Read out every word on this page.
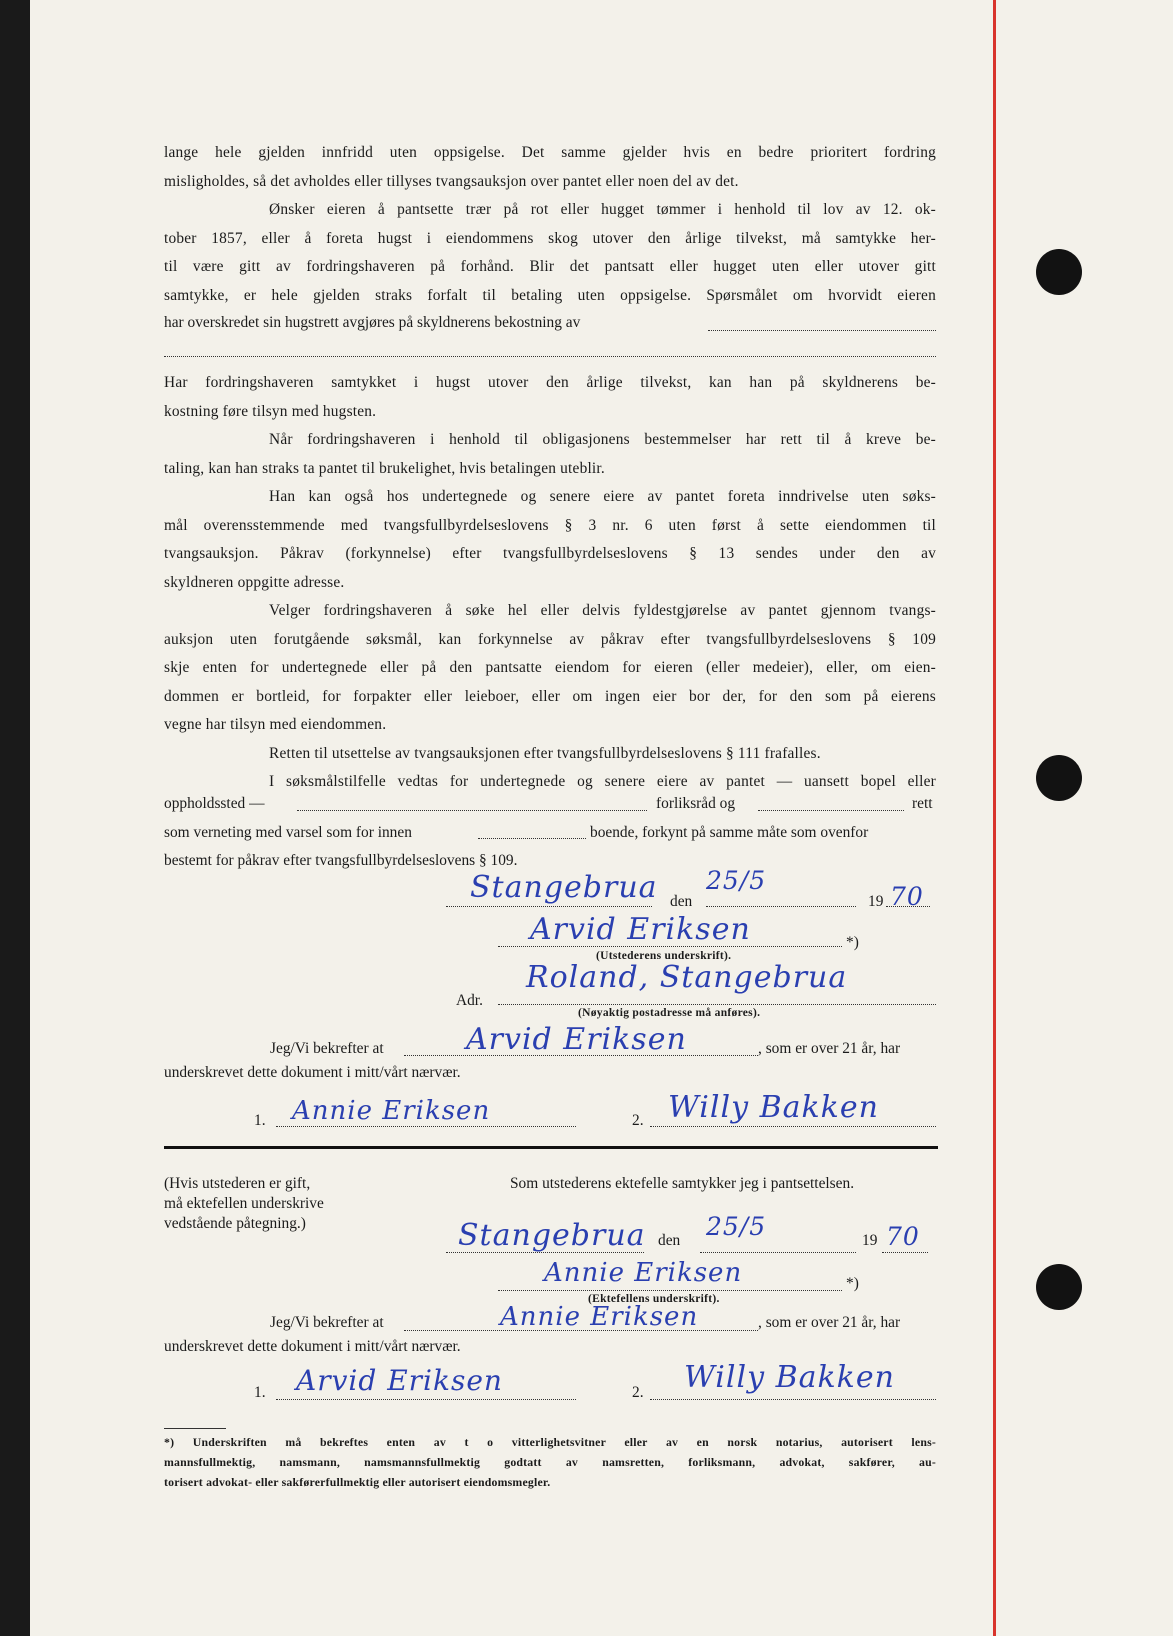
lange hele gjelden innfridd uten oppsigelse. Det samme gjelder hvis en bedre prioritert fordring

misligholdes, så det avholdes eller tillyses tvangsauksjon over pantet eller noen del av det.

Ønsker eieren å pantsette trær på rot eller hugget tømmer i henhold til lov av 12. ok-

tober 1857, eller å foreta hugst i eiendommens skog utover den årlige tilvekst, må samtykke her-

til være gitt av fordringshaveren på forhånd. Blir det pantsatt eller hugget uten eller utover gitt

samtykke, er hele gjelden straks forfalt til betaling uten oppsigelse. Spørsmålet om hvorvidt eieren

har overskredet sin hugstrett avgjøres på skyldnerens bekostning av

Har fordringshaveren samtykket i hugst utover den årlige tilvekst, kan han på skyldnerens be-

kostning føre tilsyn med hugsten.

Når fordringshaveren i henhold til obligasjonens bestemmelser har rett til å kreve be-

taling, kan han straks ta pantet til brukelighet, hvis betalingen uteblir.

Han kan også hos undertegnede og senere eiere av pantet foreta inndrivelse uten søks-

mål overensstemmende med tvangsfullbyrdelseslovens § 3 nr. 6 uten først å sette eiendommen til

tvangsauksjon. Påkrav (forkynnelse) efter tvangsfullbyrdelseslovens § 13 sendes under den av

skyldneren oppgitte adresse.

Velger fordringshaveren å søke hel eller delvis fyldestgjørelse av pantet gjennom tvangs-

auksjon uten forutgående søksmål, kan forkynnelse av påkrav efter tvangsfullbyrdelseslovens § 109

skje enten for undertegnede eller på den pantsatte eiendom for eieren (eller medeier), eller, om eien-

dommen er bortleid, for forpakter eller leieboer, eller om ingen eier bor der, for den som på eierens

vegne har tilsyn med eiendommen.

Retten til utsettelse av tvangsauksjonen efter tvangsfullbyrdelseslovens § 111 frafalles.

I søksmålstilfelle vedtas for undertegnede og senere eiere av pantet — uansett bopel eller

oppholdssted —	forliksråd og	rett
som verneting med varsel som for innen	boende, forkynt på samme måte som ovenfor
bestemt for påkrav efter tvangsfullbyrdelseslovens § 109.
Stangebrua den
25/5
19 70
Arvid Eriksen	*)
(Utstederens underskrift).
Adr.
Roland, Stangebrua
(Nøyaktig postadresse må anføres).
Jeg/Vi bekrefter at	Arvid Eriksen	, som er over 21 år, har
underskrevet dette dokument i mitt/vårt nærvær.
1. Annie Eriksen	2. Willy Bakken
(Hvis utstederen er gift,
må ektefellen underskrive
vedstående påtegning.)
Som utstederens ektefelle samtykker jeg i pantsettelsen.
Stangebrua den 25/5	19 70
Annie Eriksen	*)
(Ektefellens underskrift).
Jeg/Vi bekrefter at	Annie Eriksen	, som er over 21 år, har
underskrevet dette dokument i mitt/vårt nærvær.
1. Arvid Eriksen	2. Willy Bakken

*) Underskriften må bekreftes enten av t o vitterlighetsvitner eller av en norsk notarius, autorisert lens-

mannsfullmektig, namsmann, namsmannsfullmektig godtatt av namsretten, forliksmann, advokat, sakfører, au-

torisert advokat- eller sakførerfullmektig eller autorisert eiendomsmegler.
